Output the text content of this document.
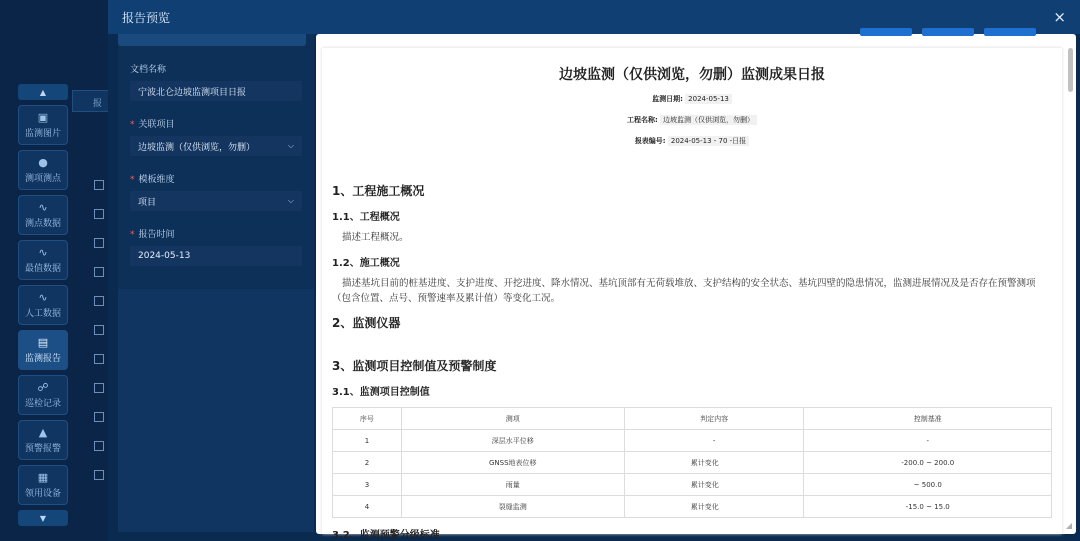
▲
▣
监测图片
●
测项测点
∿
测点数据
∿
最值数据
∿
人工数据
▤
监测报告
☍
巡检记录
▲
预警报警
▦
领用设备
▼
报
报告预览	×
文档名称
宁波北仑边坡监测项目日报
* 关联项目
边坡监测（仅供浏览，勿删）	⌵
* 模板维度
项目	⌵
* 报告时间
2024-05-13
边坡监测（仅供浏览，勿删）监测成果日报
监测日期: 2024-05-13
工程名称: 边坡监测（仅供浏览，勿删）
报表编号: 2024-05-13 - 70 -日报
1、工程施工概况
1.1、工程概况
描述工程概况。
1.2、施工概况
描述基坑目前的桩基进度、支护进度、开挖进度、降水情况、基坑顶部有无荷载堆放、支护结构的安全状态、基坑四壁的隐患情况，监测进展情况及是否存在预警测项（包含位置、点号、预警速率及累计值）等变化工况。
2、监测仪器
3、监测项目控制值及预警制度
3.1、监测项目控制值
序号	测项	判定内容	控制基准
1	深层水平位移	-	-
2	GNSS地表位移	累计变化	-200.0 ~ 200.0
3	雨量	累计变化	~ 500.0
4	裂缝监测	累计变化	-15.0 ~ 15.0
3.2、监测预警分级标准
◢
